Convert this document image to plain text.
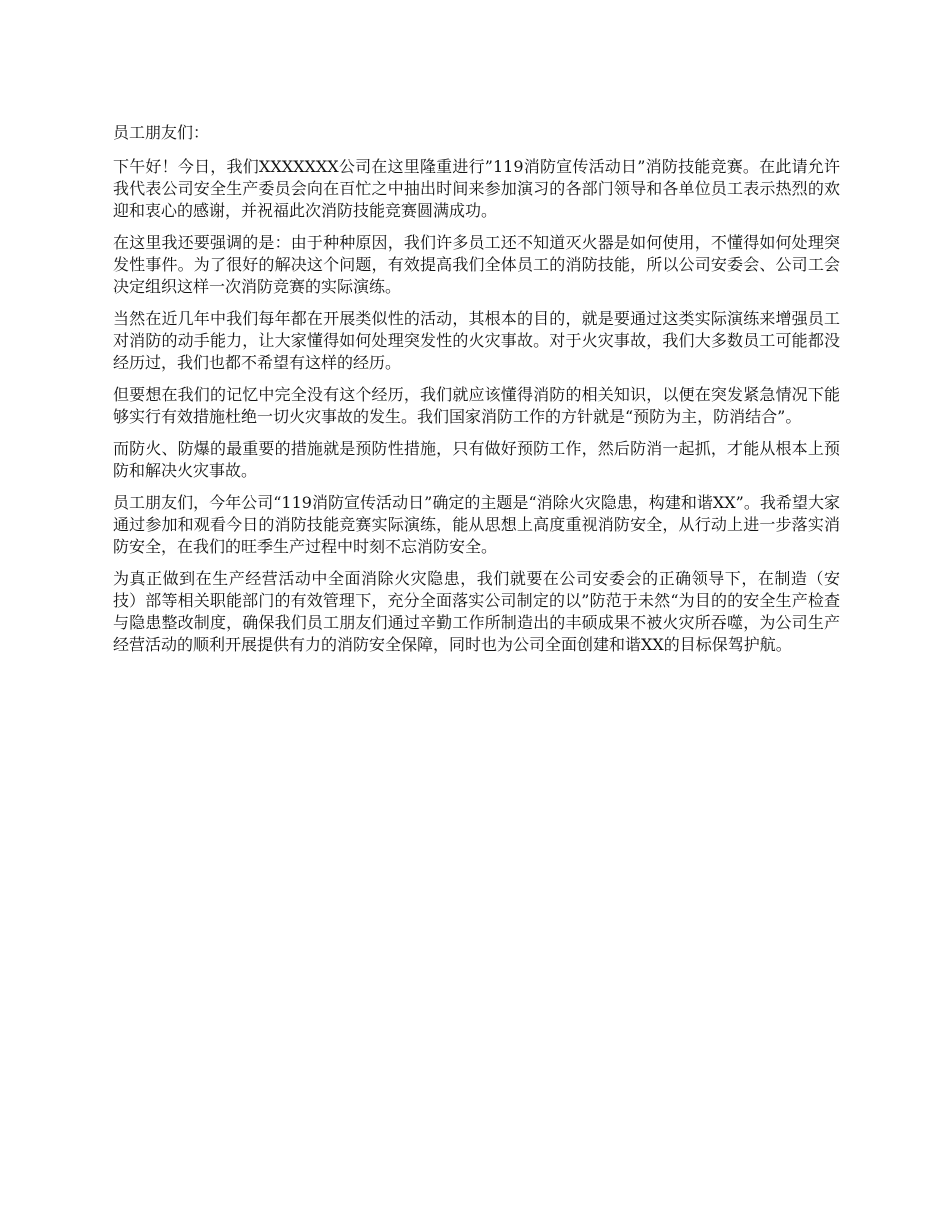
员工朋友们：

下午好！今日，我们XXXXXXX公司在这里隆重进行”119消防宣传活动日”消防技能竞赛。在此请允许我代表公司安全生产委员会向在百忙之中抽出时间来参加演习的各部门领导和各单位员工表示热烈的欢迎和衷心的感谢，并祝福此次消防技能竞赛圆满成功。

在这里我还要强调的是：由于种种原因，我们许多员工还不知道灭火器是如何使用，不懂得如何处理突发性事件。为了很好的解决这个问题，有效提高我们全体员工的消防技能，所以公司安委会、公司工会决定组织这样一次消防竞赛的实际演练。

当然在近几年中我们每年都在开展类似性的活动，其根本的目的，就是要通过这类实际演练来增强员工对消防的动手能力，让大家懂得如何处理突发性的火灾事故。对于火灾事故，我们大多数员工可能都没经历过，我们也都不希望有这样的经历。

但要想在我们的记忆中完全没有这个经历，我们就应该懂得消防的相关知识，以便在突发紧急情况下能够实行有效措施杜绝一切火灾事故的发生。我们国家消防工作的方针就是“预防为主，防消结合”。

而防火、防爆的最重要的措施就是预防性措施，只有做好预防工作，然后防消一起抓，才能从根本上预防和解决火灾事故。

员工朋友们，今年公司“119消防宣传活动日”确定的主题是“消除火灾隐患，构建和谐XX”。我希望大家通过参加和观看今日的消防技能竞赛实际演练，能从思想上高度重视消防安全，从行动上进一步落实消防安全，在我们的旺季生产过程中时刻不忘消防安全。

为真正做到在生产经营活动中全面消除火灾隐患，我们就要在公司安委会的正确领导下，在制造（安技）部等相关职能部门的有效管理下，充分全面落实公司制定的以”防范于未然“为目的的安全生产检查与隐患整改制度，确保我们员工朋友们通过辛勤工作所制造出的丰硕成果不被火灾所吞噬，为公司生产经营活动的顺利开展提供有力的消防安全保障，同时也为公司全面创建和谐XX的目标保驾护航。
